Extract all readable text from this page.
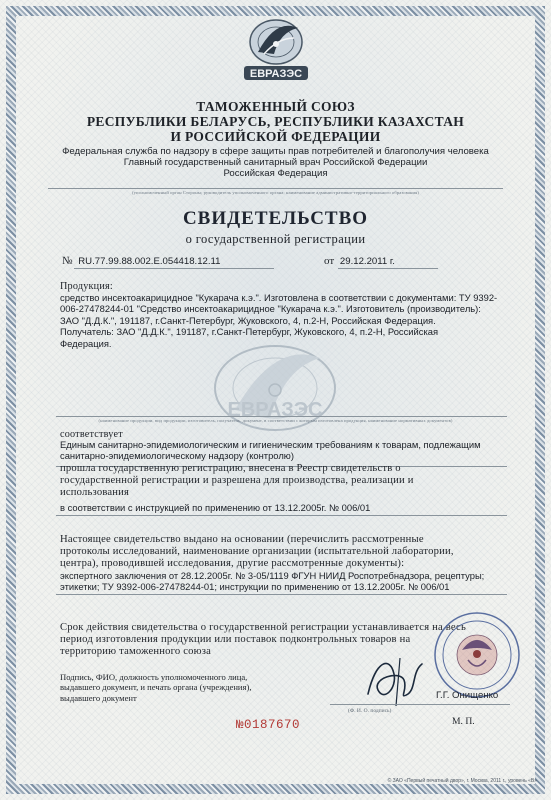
ЕВРАЗЭС
ТАМОЖЕННЫЙ СОЮЗ
РЕСПУБЛИКИ БЕЛАРУСЬ, РЕСПУБЛИКИ КАЗАХСТАН
И РОССИЙСКОЙ ФЕДЕРАЦИИ
Федеральная служба по надзору в сфере защиты прав потребителей и благополучия человека
Главный государственный санитарный врач Российской Федерации
Российская Федерация
(уполномоченный орган Стороны; руководитель уполномоченного органа; наименование административно-территориального образования)
СВИДЕТЕЛЬСТВО
о государственной регистрации
№ RU.77.99.88.002.E.054418.12.11	от 29.12.2011 г.
Продукция:
средство инсектоакарицидное "Кукарача к.э.". Изготовлена в соответствии с документами: ТУ 9392-
006-27478244-01 "Средство инсектоакарицидное "Кукарача к.э.". Изготовитель (производитель):
ЗАО "Д.Д.К.", 191187, г.Санкт-Петербург, Жуковского, 4, п.2-Н, Российская Федерация.
Получатель: ЗАО "Д.Д.К.", 191187, г.Санкт-Петербург, Жуковского, 4, п.2-Н, Российская
Федерация.
ЕВРАЗЭС
(наименование продукции, вид продукции, изготовитель, получатель, документ, в соответствии с которым изготовлена продукция, наименование нормативных документов)
соответствует
Единым санитарно-эпидемиологическим и гигиеническим требованиям к товарам, подлежащим
санитарно-эпидемиологическому надзору (контролю)
прошла государственную регистрацию, внесена в Реестр свидетельств о
государственной регистрации и разрешена для производства, реализации и
использования
в соответствии с инструкцией по применению от 13.12.2005г. № 006/01
Настоящее свидетельство выдано на основании (перечислить рассмотренные
протоколы исследований, наименование организации (испытательной лаборатории,
центра), проводившей исследования, другие рассмотренные документы):
экспертного заключения от 28.12.2005г. № 3-05/1119 ФГУН НИИД Роспотребнадзора, рецептуры;
этикетки; ТУ 9392-006-27478244-01; инструкции по применению от 13.12.2005г. № 006/01
Срок действия свидетельства о государственной регистрации устанавливается на весь
период изготовления продукции или поставок подконтрольных товаров на
территорию таможенного союза
Подпись, ФИО, должность уполномоченного лица,
выдавшего документ, и печать органа (учреждения),
выдавшего документ	Г.Г. Онищенко
№0187670
(Ф. И. О. подпись)
М. П.
© ЗАО «Первый печатный двор», г. Москва, 2011 г., уровень «В»
